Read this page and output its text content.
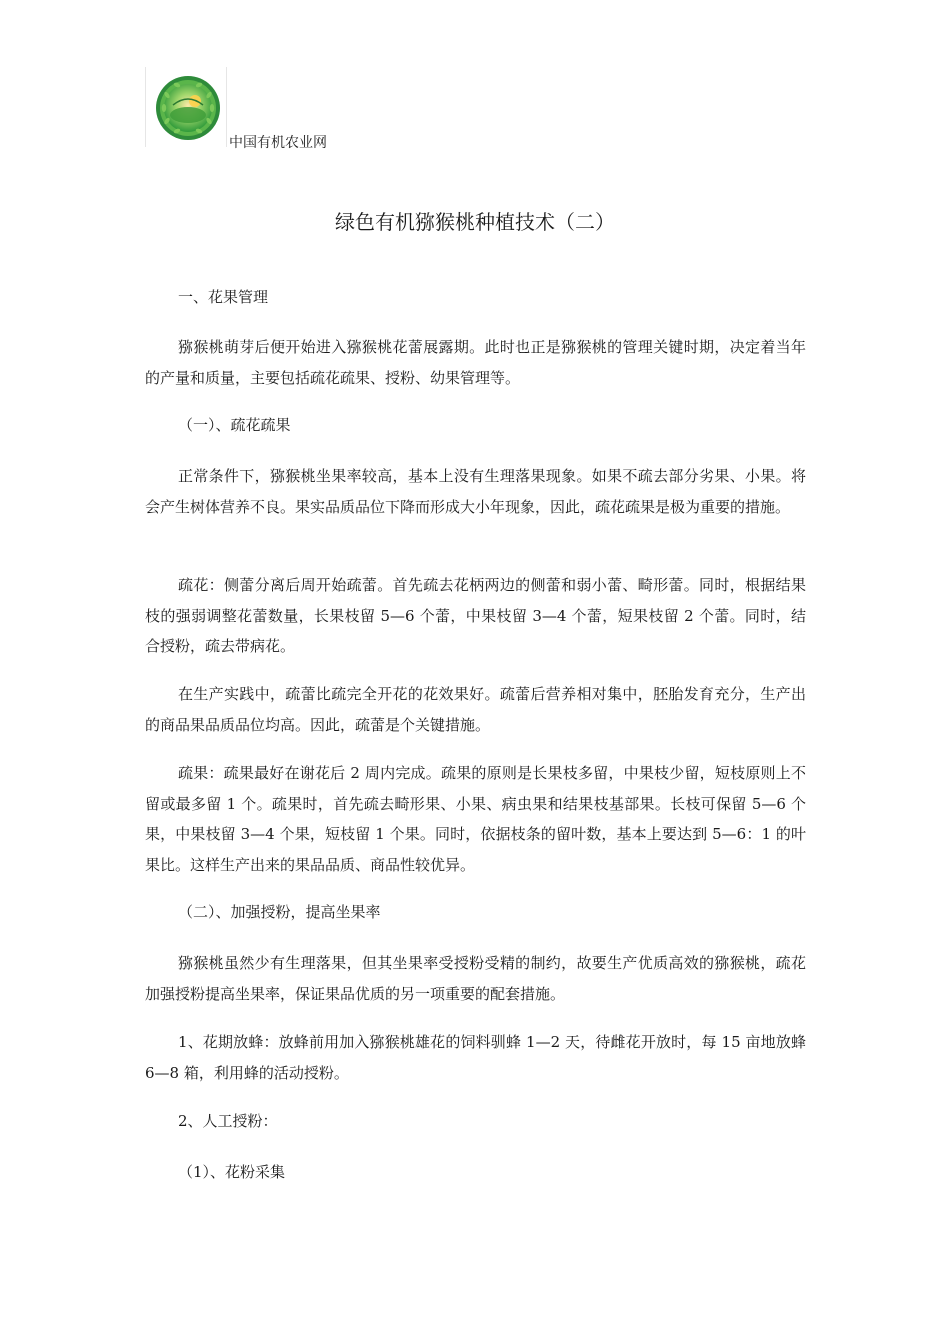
中国有机农业网
绿色有机猕猴桃种植技术（二）

一、花果管理

猕猴桃萌芽后便开始进入猕猴桃花蕾展露期。此时也正是猕猴桃的管理关键时期，决定着当年的产量和质量，主要包括疏花疏果、授粉、幼果管理等。

（一）、疏花疏果

正常条件下，猕猴桃坐果率较高，基本上没有生理落果现象。如果不疏去部分劣果、小果。将会产生树体营养不良。果实品质品位下降而形成大小年现象，因此，疏花疏果是极为重要的措施。

疏花：侧蕾分离后周开始疏蕾。首先疏去花柄两边的侧蕾和弱小蕾、畸形蕾。同时，根据结果枝的强弱调整花蕾数量，长果枝留 5—6 个蕾，中果枝留 3—4 个蕾，短果枝留 2 个蕾。同时，结合授粉，疏去带病花。

在生产实践中，疏蕾比疏完全开花的花效果好。疏蕾后营养相对集中，胚胎发育充分，生产出的商品果品质品位均高。因此，疏蕾是个关键措施。

疏果：疏果最好在谢花后 2 周内完成。疏果的原则是长果枝多留，中果枝少留，短枝原则上不留或最多留 1 个。疏果时，首先疏去畸形果、小果、病虫果和结果枝基部果。长枝可保留 5—6 个果，中果枝留 3—4 个果，短枝留 1 个果。同时，依据枝条的留叶数，基本上要达到 5—6：1 的叶果比。这样生产出来的果品品质、商品性较优异。

（二）、加强授粉，提高坐果率

猕猴桃虽然少有生理落果，但其坐果率受授粉受精的制约，故要生产优质高效的猕猴桃，疏花加强授粉提高坐果率，保证果品优质的另一项重要的配套措施。

1、花期放蜂：放蜂前用加入猕猴桃雄花的饲料驯蜂 1—2 天，待雌花开放时，每 15 亩地放蜂 6—8 箱，利用蜂的活动授粉。

2、人工授粉：

（1）、花粉采集
